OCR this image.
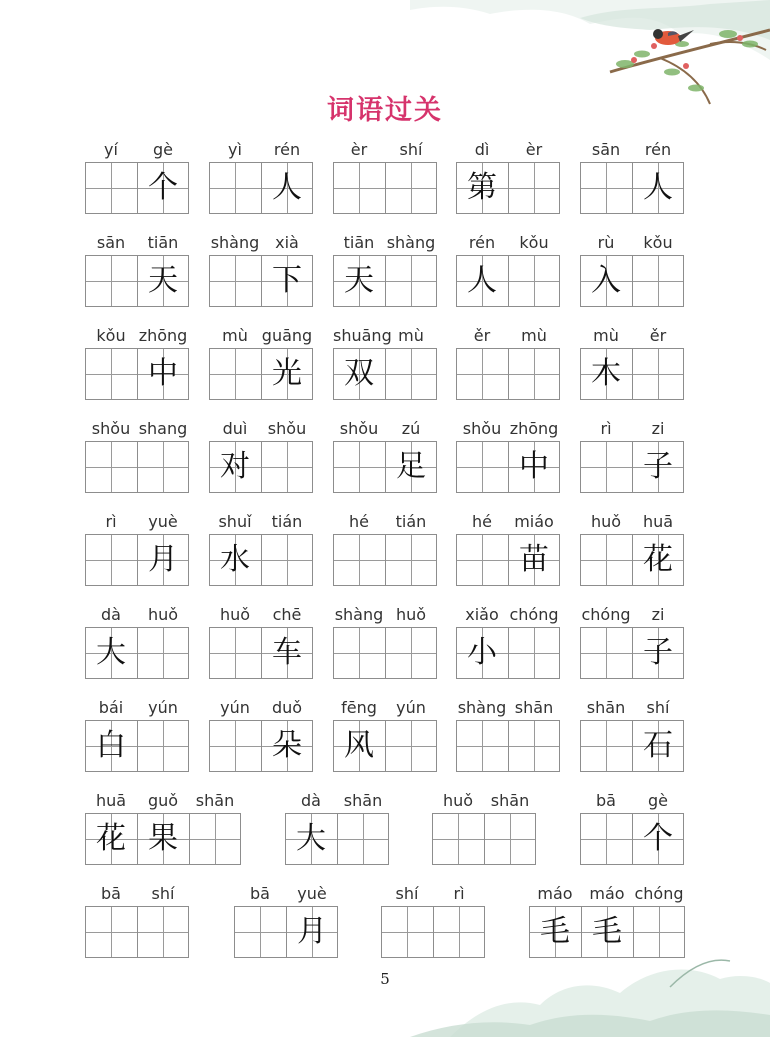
词语过关
yí	gè
个
yì	rén
人
èr	shí	dì
第
èr	sān	rén
人
sān	tiān
天
shàng xià
下
tiān
天
shàng	rén
人
kǒu	rù
入
kǒu
kǒu zhōng
中
mù guāng
光
shuāng
双
mù	ěr	mù	mù
木
ěr
shǒu shang	duì
对
shǒu	shǒu	zú
足
shǒu zhōng
中
rì	zi
子
rì	yuè
月
shuǐ
水
tián	hé	tián	hé	miáo
苗
huǒ	huā
花
dà
大
huǒ	huǒ	chē
车
shàng huǒ	xiǎo
小
chóng chóng	zi
子
bái
白
yún	yún	duǒ
朵
fēng
风
yún	shàng shān	shān	shí
石
huā
花
guǒ
果
shān	dà
大
shān	huǒ	shān	bā	gè
个
bā	shí	bā	yuè
月
shí	rì	máo
毛
máo
毛
chóng
5
